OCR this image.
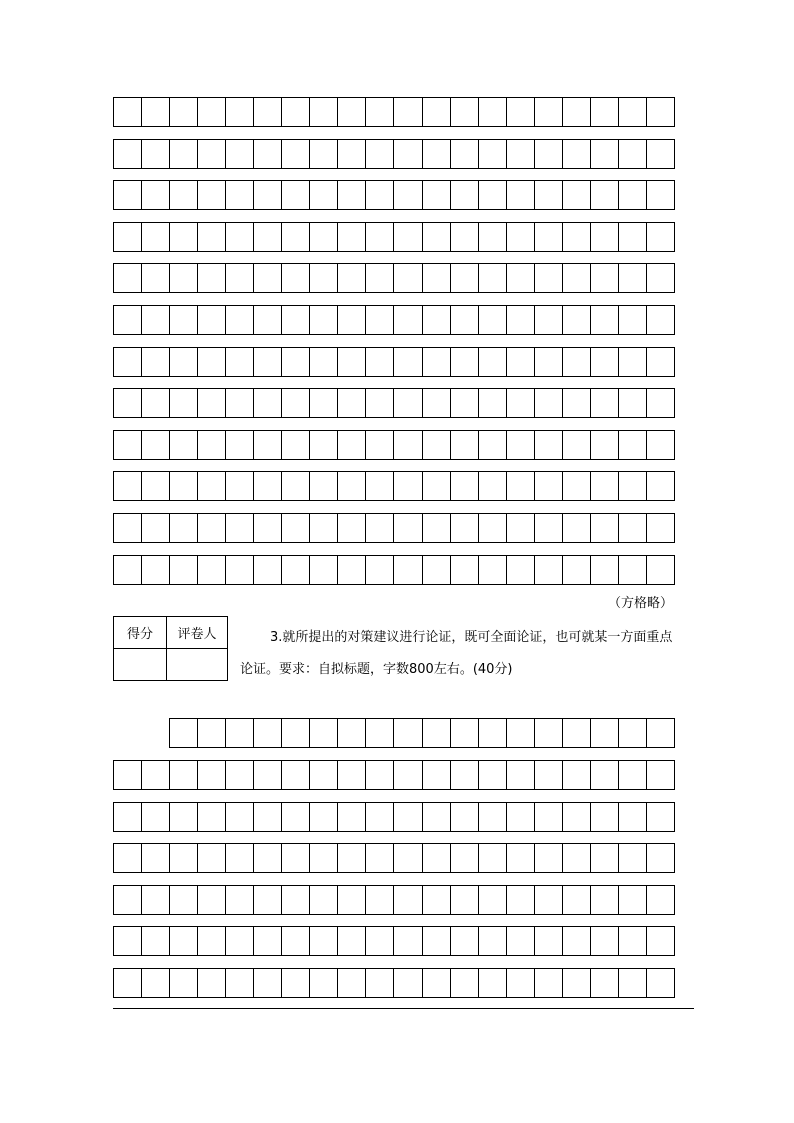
（方格略）
得分	评卷人
		3.就所提出的对策建议进行论证，既可全面论证，也可就某一方面重点论证。要求：自拟标题，字数800左右。(40分)
